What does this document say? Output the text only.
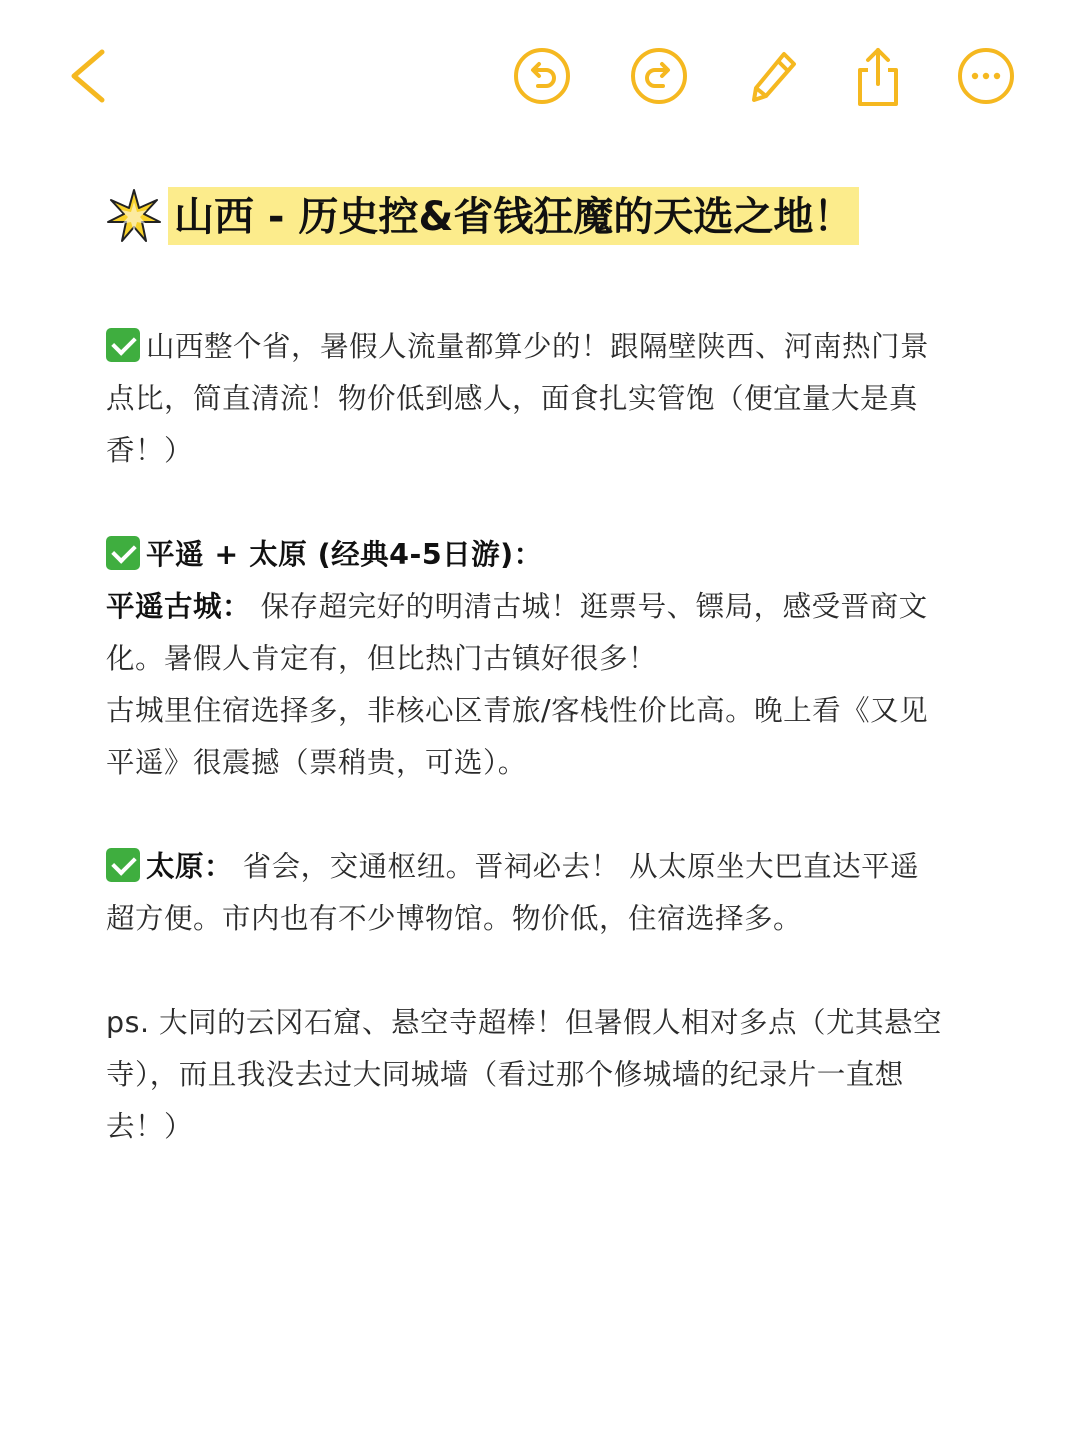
山西 - 历史控&省钱狂魔的天选之地！

山西整个省，暑假人流量都算少的！跟隔壁陕西、河南热门景点比，简直清流！物价低到感人，面食扎实管饱（便宜量大是真香！）

平遥 + 太原 (经典4-5日游)：
平遥古城： 保存超完好的明清古城！逛票号、镖局，感受晋商文化。暑假人肯定有，但比热门古镇好很多！
古城里住宿选择多，非核心区青旅/客栈性价比高。晚上看《又见平遥》很震撼（票稍贵，可选）。

太原： 省会，交通枢纽。晋祠必去！ 从太原坐大巴直达平遥超方便。市内也有不少博物馆。物价低，住宿选择多。

ps. 大同的云冈石窟、悬空寺超棒！但暑假人相对多点（尤其悬空寺），而且我没去过大同城墙（看过那个修城墙的纪录片一直想去！）
